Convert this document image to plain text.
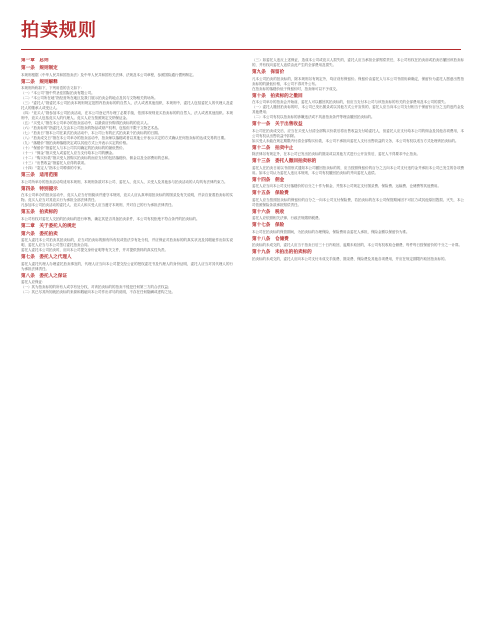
拍卖规则
第一章　总则
第一条　规则制定

本规则根据《中华人民共和国拍卖法》及中华人民共和国有关法律、法规及本公司章程，参照国际通行惯例制定。

第二条　规则解释

本规则所称如下，下列用语的含义如下：
（一）“本公司”指中贸圣佳国际拍卖有限公司。
（二）“本公司所在地”指经营所在地区及我门展示拍卖会的地点及其与文物相关的场所。
（三）“委托人”指委托本公司拍卖本规则规定范围内拍卖标的的自然人、法人或者其他组织，本规则中，委托人包括委托人的代理人及委托人的继承人或受让人。
（四）“竞买人”指参加本公司拍卖活动，在本公司登记并办理了必要手续，依照本规则竞买拍卖标的的自然人、法人或者其他组织。本规则中，竞买人包括竞买人的代理人。竞买人应当按照规定交纳保证金。
（五）“买受人”指在本公司举办的拍卖活动中，以最高应价购得拍卖标的的竞买人。
（六）“拍卖标的”指委托人交由本公司拍卖的物品或财产权利，包括但不限于文物艺术品。
（七）“拍卖日”指本公司在某次拍卖活动中，本公司公布的正式拍卖某个拍卖标的的日期。
（八）“拍卖成交日”指在本公司举办的拍卖活动中，拍卖师以落槌或者以其他公开表示买定的方式确认任何拍卖标的达成交易的日期。
（九）“落槌价”指拍卖师落槌决定或以其他方式公开表示买定的价格。
（十）“保留价”指委托人与本公司共同确定的拍卖标的的最低售价。
（十一）“佣金”指买受人或委托人应当支付给本公司的酬金。
（十二）“购买价款”指买受人因购买拍卖标的而应支付的包括落槌价、佣金以及全部费用的总和。
（十三）“出售收益”指委托人应得的款项。
（十四）“鉴定人”指本公司聘请的专家。

第三条　适用范围

本公司所举办的拍卖活动均适用本规则，本规则条款对本公司、委托人、竞买人、买受人及其他参与拍卖活动的人均具有法律约束力。

第四条　特别提示

在本公司举办的拍卖活动中，竞买人应当仔细阅读并遵守本规则，竞买人应认真审阅拍卖标的的图录及有关说明，并亲自查看拍卖标的实物。竞买人应当对其竞买行为承担全部法律责任。
凡参加本公司拍卖活动的委托人、竞买人和买受人应当遵守本规则，并对自己的行为承担法律责任。

第五条　拍卖标的

本公司有权对委托人交拍的拍卖标的进行审核，确定其是否具备拍卖条件，本公司有权拒绝不符合条件的拍卖标的。

第二章　关于委托人的规定
第六条　委托拍卖

委托人委托本公司拍卖其拍卖标的，应当对拍卖标的拥有所有权或依法享有处分权，并应保证对拍卖标的的真实状况及其瑕疵作出如实说明，委托人应当与本公司签订委托拍卖合同。
委托人委托本公司拍卖时，应向本公司提交身份证明等有关文件，并对提供资料的真实性负责。

第七条　委托人之代理人

委托人委托代理人办理委托拍卖事宜的，代理人应当向本公司提交经公证的授权委托书及代理人的身份证明，委托人应当对其代理人的行为承担法律责任。

第八条　委托人之保证

委托人应保证：
（一）其为拍卖标的的所有人或享有处分权，对该拍卖标的的拍卖不侵犯任何第三方的合法权益；
（二）其已尽其所知就拍卖标的来源和瑕疵向本公司作出详尽的说明，不存在任何隐瞒或虚构之处。

（三）如委托人违反上述保证，造成本公司或竞买人损失的，委托人应当承担全部赔偿责任，本公司有权在拍卖前或拍卖后撤回该拍卖标的，并有权向委托人追偿由此产生的全部费用及损失。

第九条　保留价

凡本公司拍卖的拍卖标的，除本规则另有规定外，均应设有保留价。保留价由委托人与本公司书面协商确定，保留价为委托人愿意出售拍卖标的的最低价格，本公司不得对外公布。
在拍卖标的落槌价低于保留价时，拍卖师可以不予成交。

第十条　拍卖标的之撤回

在本公司举办的拍卖会开始前，委托人可以撤回其拍卖标的，但应当支付本公司与该拍卖标的有关的全部费用及本公司的损失。
（一）委托人撤回拍卖标的时，本公司已发出图录或以其他方式公开宣传的，委托人应当向本公司支付相当于保留价百分之五的违约金及其他费用；
（二）本公司有权以拍卖标的涉嫌违法或不具备拍卖条件等理由撤回拍卖标的。

第十一条　关于出售收益

本公司在拍卖成交后，应当在买受人付清全部购买价款后将出售收益支付给委托人，但委托人应支付给本公司的佣金及其他各项费用，本公司有权从出售收益中扣除。
如买受人未能在规定期限内付清全部购买价款，本公司不承担向委托人支付出售收益的义务，本公司有权以适当方式处理该拍卖标的。

第十二条　拍卖中止

除法律另有规定外，在本公司已发出拍卖标的图录或以其他方式进行公开宣传后，委托人不得要求中止拍卖。

第十三条　委托人撤回拍卖标的

委托人在拍卖日前以书面形式通知本公司撤回拍卖标的的，应当按照保留价的百分之五向本公司支付违约金并承担本公司已发生的各项费用。如本公司认为委托人违反本规则，本公司有权撤回拍卖标的并向委托人追偿。

第十四条　佣金

委托人应当向本公司支付落槌价的百分之十作为佣金，并按本公司规定支付图录费、保险费、运输费、仓储费等其他费用。

第十五条　保险费

委托人应当按照拍卖标的保留价的百分之一向本公司支付保险费，若拍卖标的在本公司保管期间因不可抗力或其他原因毁损、灭失，本公司依照保险条款承担赔偿责任。

第十六条　税收

委托人应依照相关法律、行政法规缴纳税费。

第十七条　保险

本公司在拍卖标的保管期间，为拍卖标的办理保险，保险费用由委托人承担，保险金额以保留价为准。

第十八条　仓储费

拍卖标的未成交的，委托人应当于拍卖日后三十日内取回，逾期未取回的，本公司有权收取仓储费，每件每日按保留价的千分之一计算。

第十九条　未拍出的拍卖标的

拍卖标的未成交的，委托人应向本公司支付未成交手续费、图录费、保险费及其他各项费用，并应在规定期限内取回拍卖标的。
